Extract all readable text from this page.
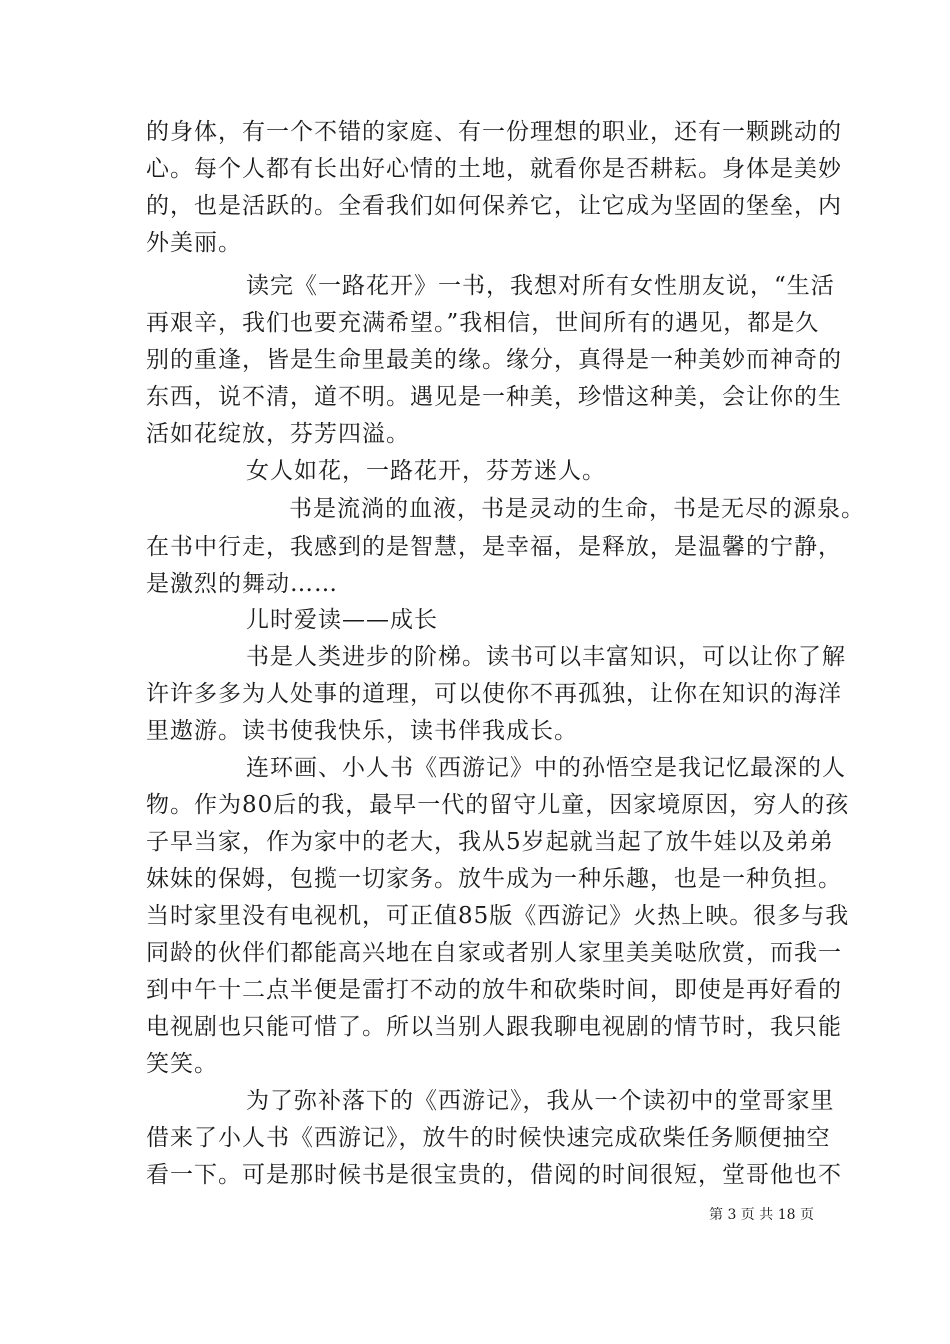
的身体，有一个不错的家庭、有一份理想的职业，还有一颗跳动的
心。每个人都有长出好心情的土地，就看你是否耕耘。身体是美妙
的，也是活跃的。全看我们如何保养它，让它成为坚固的堡垒，内
外美丽。
读完《一路花开》一书，我想对所有女性朋友说，“生活
再艰辛，我们也要充满希望。”我相信，世间所有的遇见，都是久
别的重逢，皆是生命里最美的缘。缘分，真得是一种美妙而神奇的
东西，说不清，道不明。遇见是一种美，珍惜这种美，会让你的生
活如花绽放，芬芳四溢。
女人如花，一路花开，芬芳迷人。
书是流淌的血液，书是灵动的生命，书是无尽的源泉。
在书中行走，我感到的是智慧，是幸福，是释放，是温馨的宁静，
是激烈的舞动……
儿时爱读——成长
书是人类进步的阶梯。读书可以丰富知识，可以让你了解
许许多多为人处事的道理，可以使你不再孤独，让你在知识的海洋
里遨游。读书使我快乐，读书伴我成长。
连环画、小人书《西游记》中的孙悟空是我记忆最深的人
物。作为80后的我，最早一代的留守儿童，因家境原因，穷人的孩
子早当家，作为家中的老大，我从5岁起就当起了放牛娃以及弟弟
妹妹的保姆，包揽一切家务。放牛成为一种乐趣，也是一种负担。
当时家里没有电视机，可正值85版《西游记》火热上映。很多与我
同龄的伙伴们都能高兴地在自家或者别人家里美美哒欣赏，而我一
到中午十二点半便是雷打不动的放牛和砍柴时间，即使是再好看的
电视剧也只能可惜了。所以当别人跟我聊电视剧的情节时，我只能
笑笑。
为了弥补落下的《西游记》，我从一个读初中的堂哥家里
借来了小人书《西游记》，放牛的时候快速完成砍柴任务顺便抽空
看一下。可是那时候书是很宝贵的，借阅的时间很短，堂哥他也不
第 3 页 共 18 页
